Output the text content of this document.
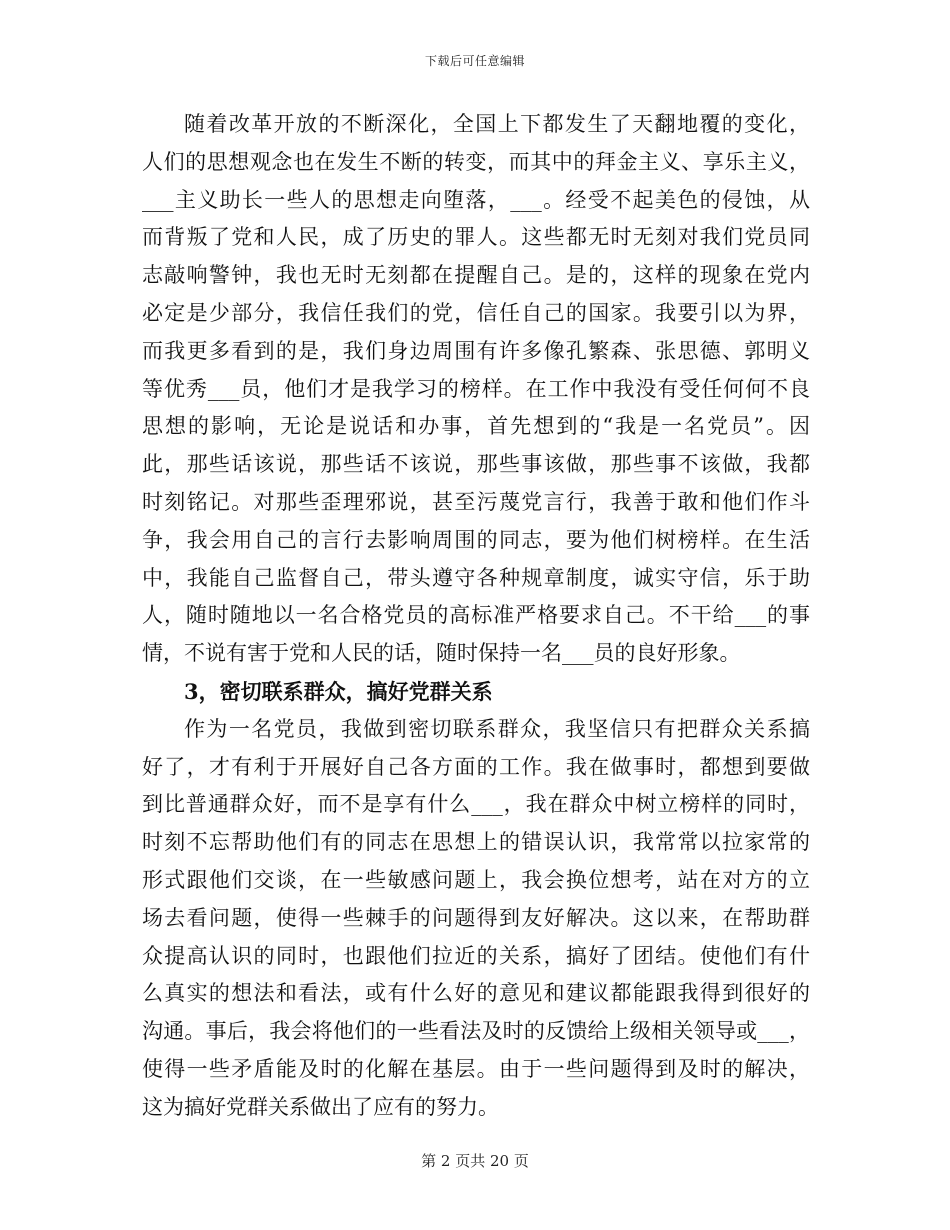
下载后可任意编辑
随着改革开放的不断深化，全国上下都发生了天翻地覆的变化，
人们的思想观念也在发生不断的转变，而其中的拜金主义、享乐主义，
___主义助长一些人的思想走向堕落，___。经受不起美色的侵蚀，从
而背叛了党和人民，成了历史的罪人。这些都无时无刻对我们党员同
志敲响警钟，我也无时无刻都在提醒自己。是的，这样的现象在党内
必定是少部分，我信任我们的党，信任自己的国家。我要引以为界，
而我更多看到的是，我们身边周围有许多像孔繁森、张思德、郭明义
等优秀___员，他们才是我学习的榜样。在工作中我没有受任何何不良
思想的影响，无论是说话和办事，首先想到的“我是一名党员”。因
此，那些话该说，那些话不该说，那些事该做，那些事不该做，我都
时刻铭记。对那些歪理邪说，甚至污蔑党言行，我善于敢和他们作斗
争，我会用自己的言行去影响周围的同志，要为他们树榜样。在生活
中，我能自己监督自己，带头遵守各种规章制度，诚实守信，乐于助
人，随时随地以一名合格党员的高标准严格要求自己。不干给___的事
情，不说有害于党和人民的话，随时保持一名___员的良好形象。
3，密切联系群众，搞好党群关系
作为一名党员，我做到密切联系群众，我坚信只有把群众关系搞
好了，才有利于开展好自己各方面的工作。我在做事时，都想到要做
到比普通群众好，而不是享有什么___，我在群众中树立榜样的同时，
时刻不忘帮助他们有的同志在思想上的错误认识，我常常以拉家常的
形式跟他们交谈，在一些敏感问题上，我会换位想考，站在对方的立
场去看问题，使得一些棘手的问题得到友好解决。这以来，在帮助群
众提高认识的同时，也跟他们拉近的关系，搞好了团结。使他们有什
么真实的想法和看法，或有什么好的意见和建议都能跟我得到很好的
沟通。事后，我会将他们的一些看法及时的反馈给上级相关领导或___，
使得一些矛盾能及时的化解在基层。由于一些问题得到及时的解决，
这为搞好党群关系做出了应有的努力。
第 2 页共 20 页
